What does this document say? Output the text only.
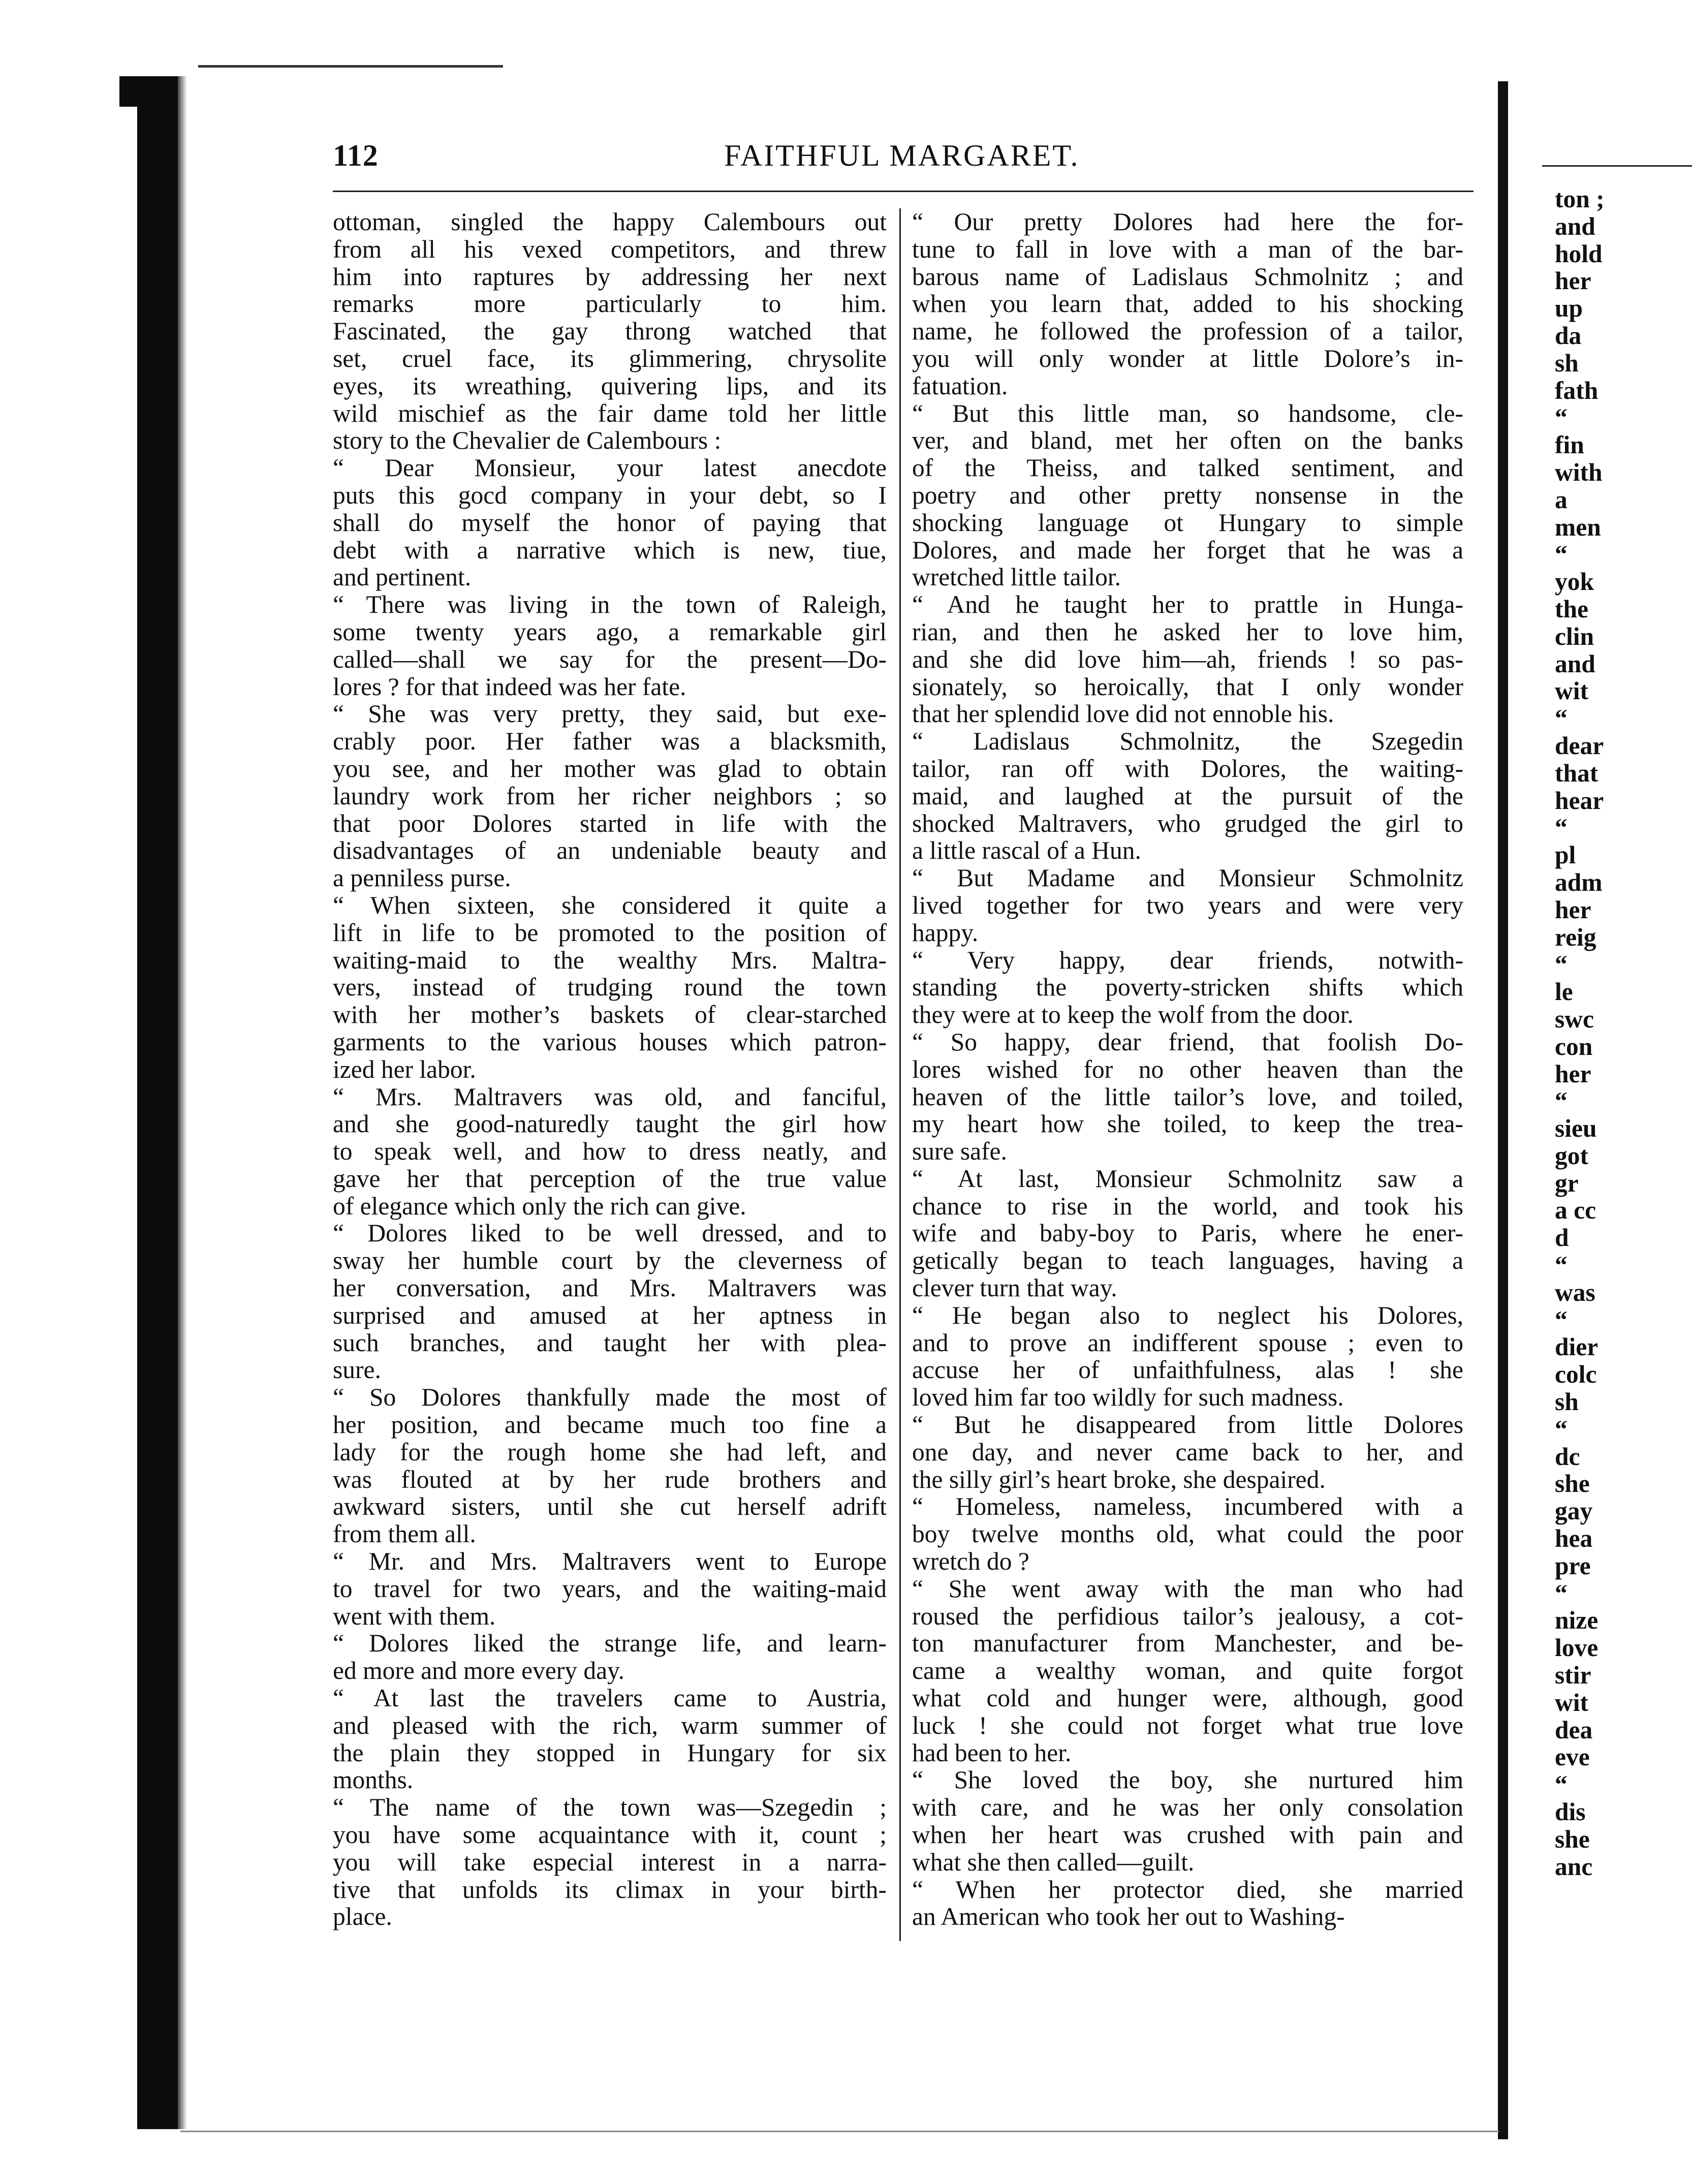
112	FAITHFUL MARGARET.
ottoman, singled the happy Calembours out
from all his vexed competitors, and threw
him into raptures by addressing her next
remarks more particularly to him.
Fascinated, the gay throng watched that
set, cruel face, its glimmering, chrysolite
eyes, its wreathing, quivering lips, and its
wild mischief as the fair dame told her little
story to the Chevalier de Calembours :
“ Dear Monsieur, your latest anecdote
puts this gocd company in your debt, so I
shall do myself the honor of paying that
debt with a narrative which is new, tiue,
and pertinent.
“ There was living in the town of Raleigh,
some twenty years ago, a remarkable girl
called—shall we say for the present—Do-
lores ? for that indeed was her fate.
“ She was very pretty, they said, but exe-
crably poor. Her father was a blacksmith,
you see, and her mother was glad to obtain
laundry work from her richer neighbors ; so
that poor Dolores started in life with the
disadvantages of an undeniable beauty and
a penniless purse.
“ When sixteen, she considered it quite a
lift in life to be promoted to the position of
waiting-maid to the wealthy Mrs. Maltra-
vers, instead of trudging round the town
with her mother’s baskets of clear-starched
garments to the various houses which patron-
ized her labor.
“ Mrs. Maltravers was old, and fanciful,
and she good-naturedly taught the girl how
to speak well, and how to dress neatly, and
gave her that perception of the true value
of elegance which only the rich can give.
“ Dolores liked to be well dressed, and to
sway her humble court by the cleverness of
her conversation, and Mrs. Maltravers was
surprised and amused at her aptness in
such branches, and taught her with plea-
sure.
“ So Dolores thankfully made the most of
her position, and became much too fine a
lady for the rough home she had left, and
was flouted at by her rude brothers and
awkward sisters, until she cut herself adrift
from them all.
“ Mr. and Mrs. Maltravers went to Europe
to travel for two years, and the waiting-maid
went with them.
“ Dolores liked the strange life, and learn-
ed more and more every day.
“ At last the travelers came to Austria,
and pleased with the rich, warm summer of
the plain they stopped in Hungary for six
months.
“ The name of the town was—Szegedin ;
you have some acquaintance with it, count ;
you will take especial interest in a narra-
tive that unfolds its climax in your birth-
place.
“ Our pretty Dolores had here the for-
tune to fall in love with a man of the bar-
barous name of Ladislaus Schmolnitz ; and
when you learn that, added to his shocking
name, he followed the profession of a tailor,
you will only wonder at little Dolore’s in-
fatuation.
“ But this little man, so handsome, cle-
ver, and bland, met her often on the banks
of the Theiss, and talked sentiment, and
poetry and other pretty nonsense in the
shocking language ot Hungary to simple
Dolores, and made her forget that he was a
wretched little tailor.
“ And he taught her to prattle in Hunga-
rian, and then he asked her to love him,
and she did love him—ah, friends ! so pas-
sionately, so heroically, that I only wonder
that her splendid love did not ennoble his.
“ Ladislaus Schmolnitz, the Szegedin
tailor, ran off with Dolores, the waiting-
maid, and laughed at the pursuit of the
shocked Maltravers, who grudged the girl to
a little rascal of a Hun.
“ But Madame and Monsieur Schmolnitz
lived together for two years and were very
happy.
“ Very happy, dear friends, notwith-
standing the poverty-stricken shifts which
they were at to keep the wolf from the door.
“ So happy, dear friend, that foolish Do-
lores wished for no other heaven than the
heaven of the little tailor’s love, and toiled,
my heart how she toiled, to keep the trea-
sure safe.
“ At last, Monsieur Schmolnitz saw a
chance to rise in the world, and took his
wife and baby-boy to Paris, where he ener-
getically began to teach languages, having a
clever turn that way.
“ He began also to neglect his Dolores,
and to prove an indifferent spouse ; even to
accuse her of unfaithfulness, alas ! she
loved him far too wildly for such madness.
“ But he disappeared from little Dolores
one day, and never came back to her, and
the silly girl’s heart broke, she despaired.
“ Homeless, nameless, incumbered with a
boy twelve months old, what could the poor
wretch do ?
“ She went away with the man who had
roused the perfidious tailor’s jealousy, a cot-
ton manufacturer from Manchester, and be-
came a wealthy woman, and quite forgot
what cold and hunger were, although, good
luck ! she could not forget what true love
had been to her.
“ She loved the boy, she nurtured him
with care, and he was her only consolation
when her heart was crushed with pain and
what she then called—guilt.
“ When her protector died, she married
an American who took her out to Washing-
ton ;
and
hold
her
up
da
sh
fath
“
fin
with
a
men
“
yok
the
clin
and
wit
“
dear
that
hear
“
pl
adm
her
reig
“
le
swc
con
her
“
sieu
got
gr
a cc
d
“
was
“
dier
colc
sh
“
dc
she
gay
hea
pre
“
nize
love
stir
wit
dea
eve
“
dis
she
anc
